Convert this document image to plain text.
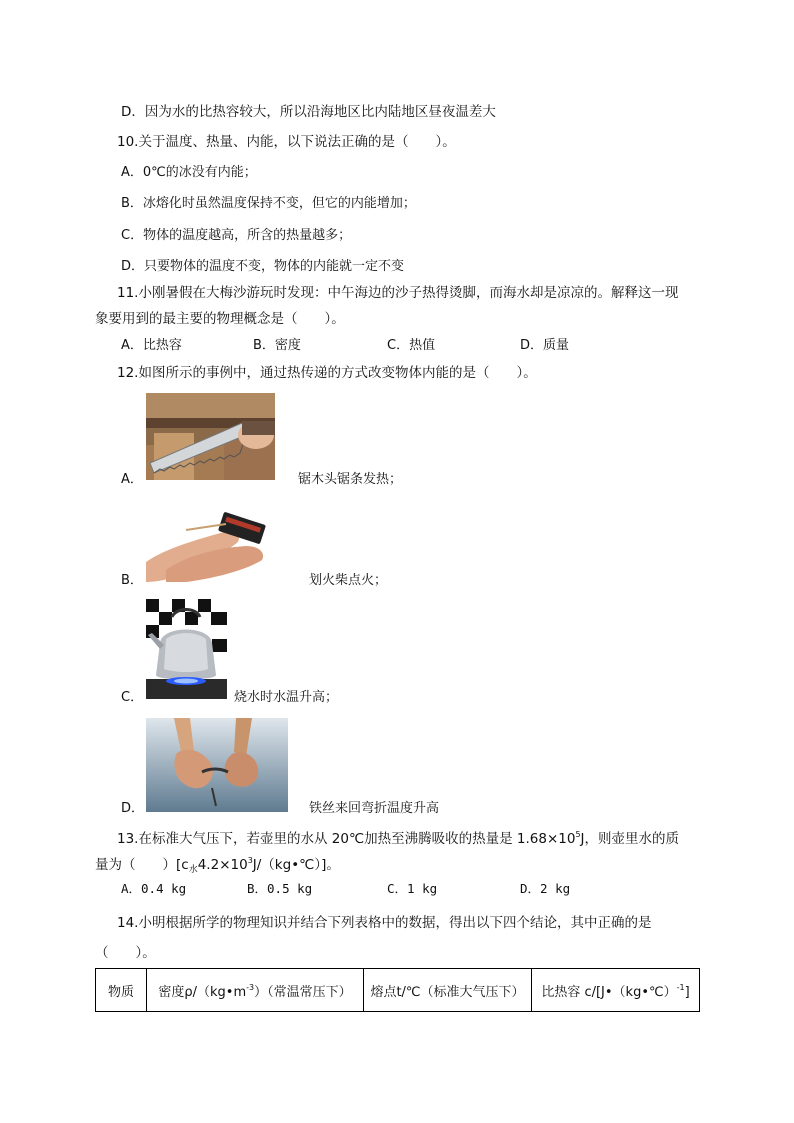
D．因为水的比热容较大，所以沿海地区比内陆地区昼夜温差大
10.关于温度、热量、内能，以下说法正确的是（　　）。
A．0℃的冰没有内能；
B．冰熔化时虽然温度保持不变，但它的内能增加；
C．物体的温度越高，所含的热量越多；
D．只要物体的温度不变，物体的内能就一定不变
11.小刚暑假在大梅沙游玩时发现：中午海边的沙子热得烫脚，而海水却是凉凉的。解释这一现
象要用到的最主要的物理概念是（　　）。
A．比热容	B．密度	C．热值	D．质量
12.如图所示的事例中，通过热传递的方式改变物体内能的是（　　）。
A．	锯木头锯条发热；
B．	划火柴点火；
C．	烧水时水温升高；
D．	铁丝来回弯折温度升高
13.在标准大气压下，若壶里的水从 20℃加热至沸腾吸收的热量是 $1.68\times 10^5J$，则壶里水的质
量为（　　）$[c_水4.2\times 10^3J/(kg•℃)]$。
A．0.4 kg	B．0.5 kg	C．1 kg	D．2 kg
14.小明根据所学的物理知识并结合下列表格中的数据，得出以下四个结论，其中正确的是
（　　）。
物质	密度$\rho/(kg•m^{-3})$（常温常压下）	熔点t/℃（标准大气压下）	比热容 c/[J•（kg•℃）$^{-1}$]
